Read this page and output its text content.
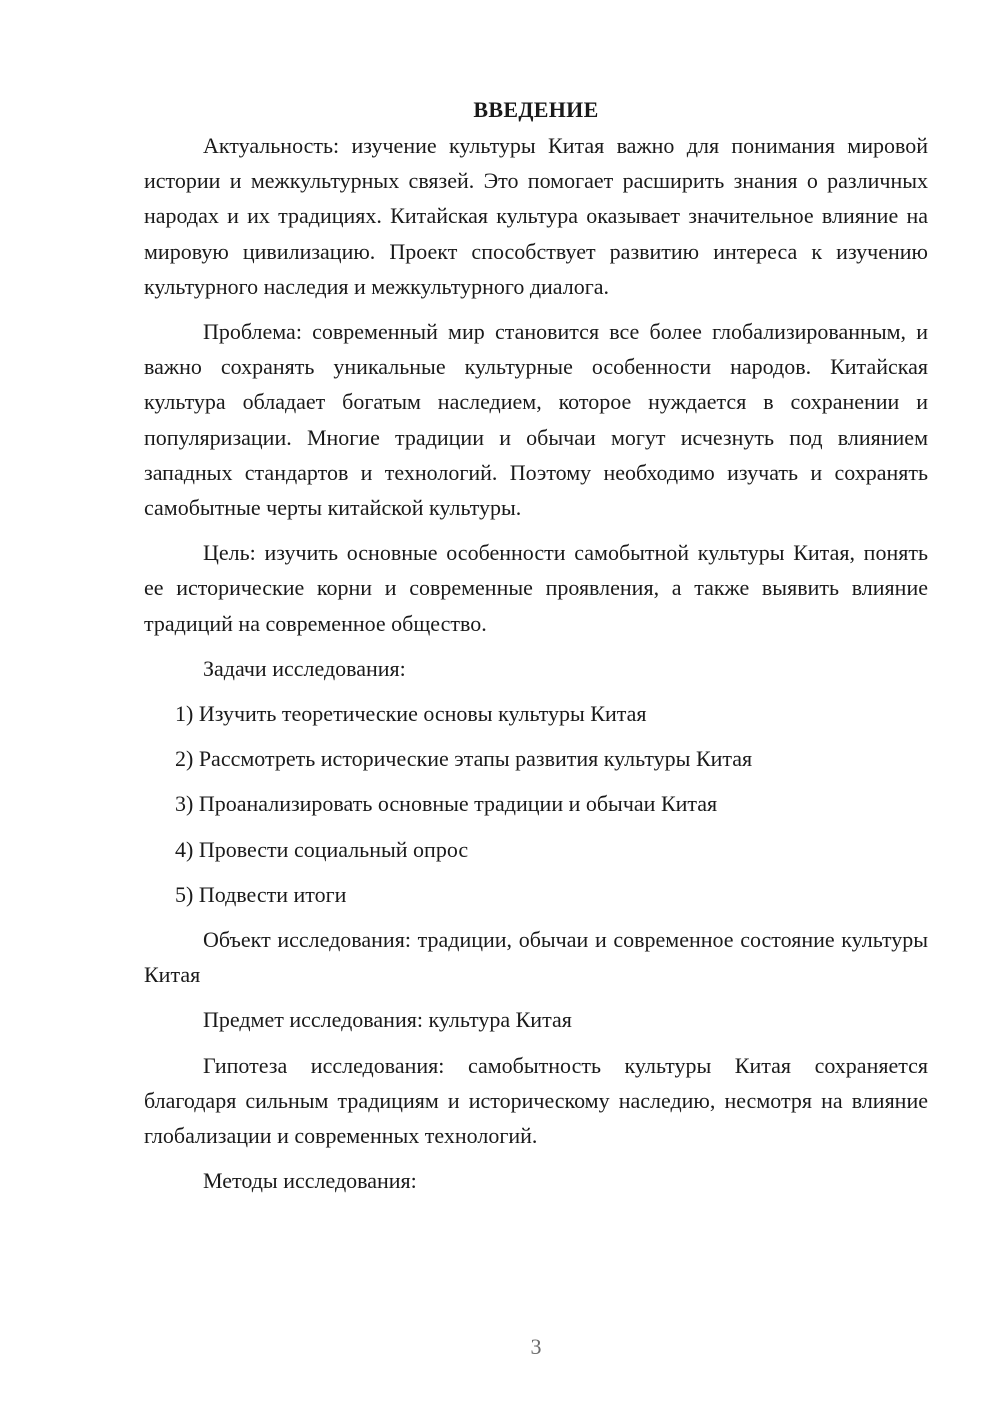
ВВЕДЕНИЕ

Актуальность: изучение культуры Китая важно для понимания мировой истории и межкультурных связей. Это помогает расширить знания о различных народах и их традициях. Китайская культура оказывает значительное влияние на мировую цивилизацию. Проект способствует развитию интереса к изучению культурного наследия и межкультурного диалога.

Проблема: современный мир становится все более глобализированным, и важно сохранять уникальные культурные особенности народов. Китайская культура обладает богатым наследием, которое нуждается в сохранении и популяризации. Многие традиции и обычаи могут исчезнуть под влиянием западных стандартов и технологий. Поэтому необходимо изучать и сохранять самобытные черты китайской культуры.

Цель: изучить основные особенности самобытной культуры Китая, понять ее исторические корни и современные проявления, а также выявить влияние традиций на современное общество.

Задачи исследования:

1) Изучить теоретические основы культуры Китая
2) Рассмотреть исторические этапы развития культуры Китая
3) Проанализировать основные традиции и обычаи Китая
4) Провести социальный опрос
5) Подвести итоги

Объект исследования: традиции, обычаи и современное состояние культуры Китая

Предмет исследования: культура Китая

Гипотеза исследования: самобытность культуры Китая сохраняется благодаря сильным традициям и историческому наследию, несмотря на влияние глобализации и современных технологий.

Методы исследования:

3
